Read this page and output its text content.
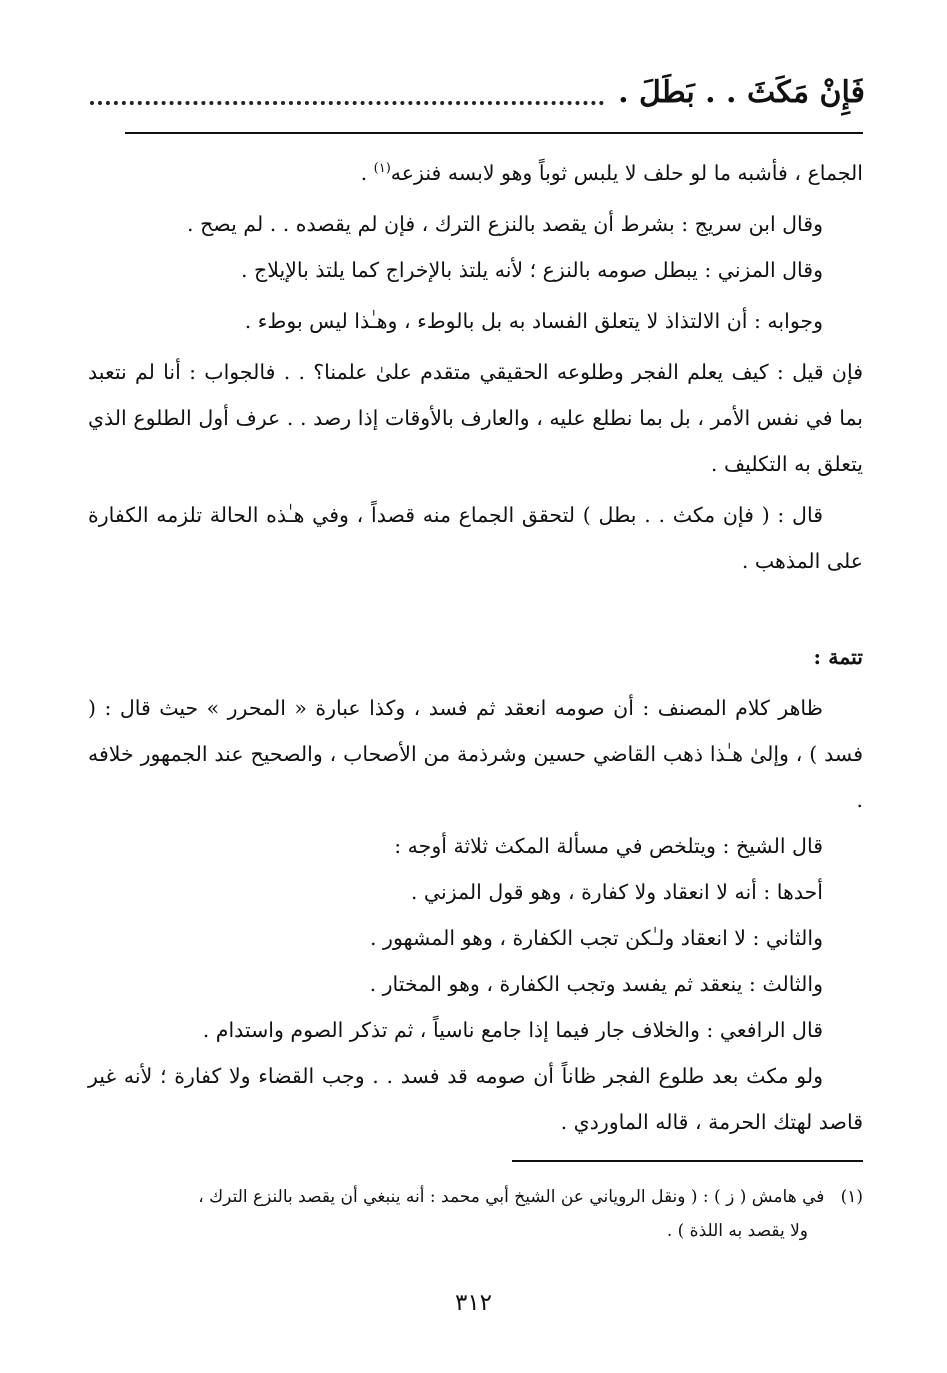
فَإِنْ مَكَثَ . . بَطَلَ .

الجماع ، فأشبه ما لو حلف لا يلبس ثوباً وهو لابسه فنزعه$^{(١)}$ .

وقال ابن سريج : بشرط أن يقصد بالنزع الترك ، فإن لم يقصده . . لم يصح .

وقال المزني : يبطل صومه بالنزع ؛ لأنه يلتذ بالإخراج كما يلتذ بالإيلاج .

وجوابه : أن الالتذاذ لا يتعلق الفساد به بل بالوطء ، وهـٰذا ليس بوطء .

فإن قيل : كيف يعلم الفجر وطلوعه الحقيقي متقدم علىٰ علمنا؟ . . فالجواب : أنا لم نتعبد بما في نفس الأمر ، بل بما نطلع عليه ، والعارف بالأوقات إذا رصد . . عرف أول الطلوع الذي يتعلق به التكليف .

قال : ( فإن مكث . . بطل ) لتحقق الجماع منه قصداً ، وفي هـٰذه الحالة تلزمه الكفارة على المذهب .

تتمة :

ظاهر كلام المصنف : أن صومه انعقد ثم فسد ، وكذا عبارة « المحرر » حيث قال : ( فسد ) ، وإلىٰ هـٰذا ذهب القاضي حسين وشرذمة من الأصحاب ، والصحيح عند الجمهور خلافه .

قال الشيخ : ويتلخص في مسألة المكث ثلاثة أوجه :

أحدها : أنه لا انعقاد ولا كفارة ، وهو قول المزني .

والثاني : لا انعقاد ولـٰكن تجب الكفارة ، وهو المشهور .

والثالث : ينعقد ثم يفسد وتجب الكفارة ، وهو المختار .

قال الرافعي : والخلاف جار فيما إذا جامع ناسياً ، ثم تذكر الصوم واستدام .

ولو مكث بعد طلوع الفجر ظاناً أن صومه قد فسد . . وجب القضاء ولا كفارة ؛ لأنه غير قاصد لهتك الحرمة ، قاله الماوردي .

(١)   في هامش ( ز ) : ( ونقل الروياني عن الشيخ أبي محمد : أنه ينبغي أن يقصد بالنزع الترك ،

ولا يقصد به اللذة ) .

٣١٢
